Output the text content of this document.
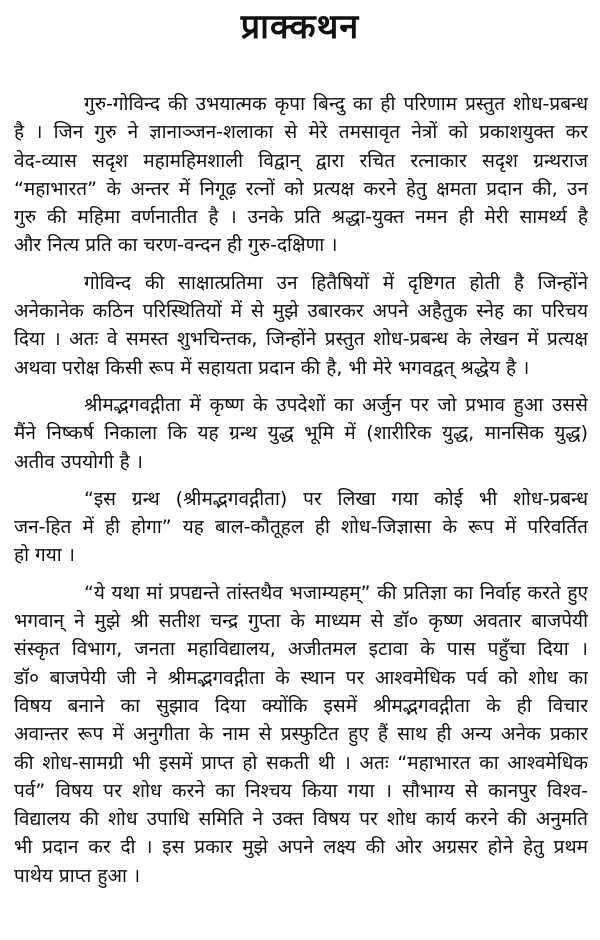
प्राक्कथन
गुरु-गोविन्द की उभयात्मक कृपा बिन्दु का ही परिणाम प्रस्तुत शोध-प्रबन्ध
है । जिन गुरु ने ज्ञानाञ्जन-शलाका से मेरे तमसावृत नेत्रों को प्रकाशयुक्त कर
वेद-व्यास सदृश महामहिमशाली विद्वान् द्वारा रचित रत्नाकार सदृश ग्रन्थराज
“महाभारत” के अन्तर में निगूढ़ रत्नों को प्रत्यक्ष करने हेतु क्षमता प्रदान की, उन
गुरु की महिमा वर्णनातीत है । उनके प्रति श्रद्धा-युक्त नमन ही मेरी सामर्थ्य है
और नित्य प्रति का चरण-वन्दन ही गुरु-दक्षिणा ।
गोविन्द की साक्षात्प्रतिमा उन हितैषियों में दृष्टिगत होती है जिन्होंने
अनेकानेक कठिन परिस्थितियों में से मुझे उबारकर अपने अहैतुक स्नेह का परिचय
दिया । अतः वे समस्त शुभचिन्तक, जिन्होंने प्रस्तुत शोध-प्रबन्ध के लेखन में प्रत्यक्ष
अथवा परोक्ष किसी रूप में सहायता प्रदान की है, भी मेरे भगवद्वत् श्रद्धेय है ।
श्रीमद्भगवद्गीता में कृष्ण के उपदेशों का अर्जुन पर जो प्रभाव हुआ उससे
मैंने निष्कर्ष निकाला कि यह ग्रन्थ युद्ध भूमि में (शारीरिक युद्ध, मानसिक युद्ध)
अतीव उपयोगी है ।
“इस ग्रन्थ (श्रीमद्भगवद्गीता) पर लिखा गया कोई भी शोध-प्रबन्ध
जन-हित में ही होगा” यह बाल-कौतूहल ही शोध-जिज्ञासा के रूप में परिवर्तित
हो गया ।
“ये यथा मां प्रपद्यन्ते तांस्तथैव भजाम्यहम्” की प्रतिज्ञा का निर्वाह करते हुए
भगवान् ने मुझे श्री सतीश चन्द्र गुप्ता के माध्यम से डॉ० कृष्ण अवतार बाजपेयी
संस्कृत विभाग, जनता महाविद्यालय, अजीतमल इटावा के पास पहुँचा दिया ।
डॉ० बाजपेयी जी ने श्रीमद्भगवद्गीता के स्थान पर आश्वमेधिक पर्व को शोध का
विषय बनाने का सुझाव दिया क्योंकि इसमें श्रीमद्भगवद्गीता के ही विचार
अवान्तर रूप में अनुगीता के नाम से प्रस्फुटित हुए हैं साथ ही अन्य अनेक प्रकार
की शोध-सामग्री भी इसमें प्राप्त हो सकती थी । अतः “महाभारत का आश्वमेधिक
पर्व” विषय पर शोध करने का निश्चय किया गया । सौभाग्य से कानपुर विश्व-
विद्यालय की शोध उपाधि समिति ने उक्त विषय पर शोध कार्य करने की अनुमति
भी प्रदान कर दी । इस प्रकार मुझे अपने लक्ष्य की ओर अग्रसर होने हेतु प्रथम
पाथेय प्राप्त हुआ ।
